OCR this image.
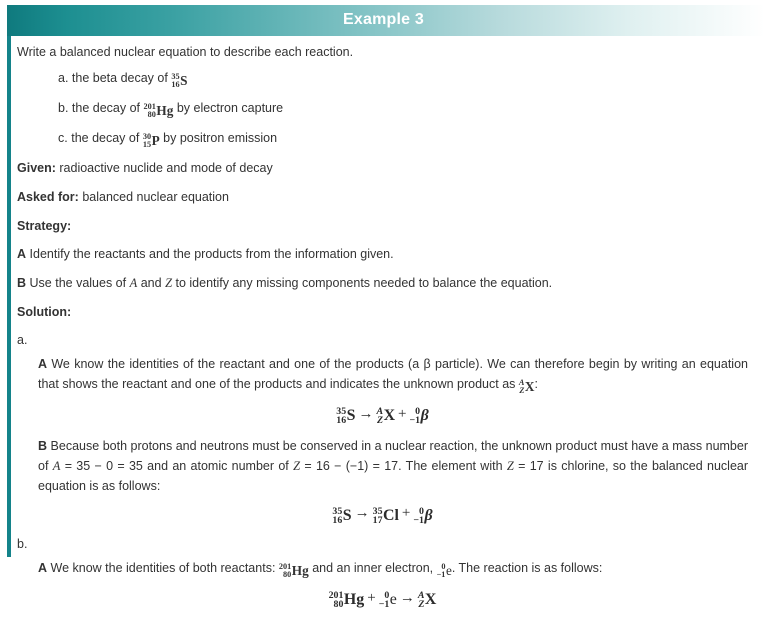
Example 3

Write a balanced nuclear equation to describe each reaction.

a. the beta decay of 35
16 S
b. the decay of 201
80 Hg by electron capture
c. the decay of 30
15 P by positron emission

Given: radioactive nuclide and mode of decay

Asked for: balanced nuclear equation

Strategy:

A Identify the reactants and the products from the information given.

B Use the values of A and Z to identify any missing components needed to balance the equation.

Solution:

a.

A We know the identities of the reactant and one of the products (a β particle). We can therefore begin by writing an equation that shows the reactant and one of the products and indicates the unknown product as A
Z X:

35
16 S → A
Z X + 0
−1 β

B Because both protons and neutrons must be conserved in a nuclear reaction, the unknown product must have a mass number of A = 35 − 0 = 35 and an atomic number of Z = 16 − (−1) = 17. The element with Z = 17 is chlorine, so the balanced nuclear equation is as follows:

35
16 S → 35
17 Cl + 0
−1 β

b.

A We know the identities of both reactants: 201
80 Hg and an inner electron, 0
−1 e. The reaction is as follows:

201
80 Hg + 0
−1 e → A
Z X
